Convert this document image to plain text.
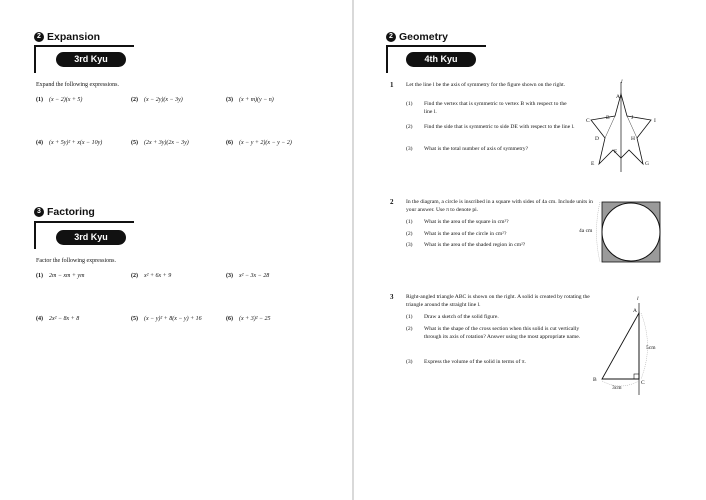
2 Expansion
3rd Kyu
Expand the following expressions.
(1) (x − 2)(x + 5)	(2) (x − 2y)(x − 3y)	(3) (x + m)(y − n)
(4) (x + 5y)² + x(x − 10y)	(5) (2x + 3y)(2x − 3y)	(6) (x − y + 2)(x − y − 2)
3 Factoring
3rd Kyu
Factor the following expressions.
(1) 2m − xm + ym	(2) x² + 6x + 9	(3) x² − 3x − 28
(4) 2x² − 8x + 8	(5) (x − y)² + 8(x − y) + 16	(6) (x + 3)² − 25
2 Geometry
4th Kyu
1 Let the line l be the axis of symmetry for the figure shown on the right.
(1) Find the vertex that is symmetric to vertex B with respect to the line l.
(2) Find the side that is symmetric to side DE with respect to the line l.
(3) What is the total number of axis of symmetry?
l
A
B
C
D
E
F
G
H
I
J
2 In the diagram, a circle is inscribed in a square with sides of 4a cm. Include units in your answer. Use π to denote pi.
(1) What is the area of the square in cm²?
(2) What is the area of the circle in cm²?
(3) What is the area of the shaded region in cm²?
4a cm
3 Right-angled triangle ABC is shown on the right. A solid is created by rotating the triangle around the straight line l.
(1) Draw a sketch of the solid figure.
(2) What is the shape of the cross section when this solid is cut vertically through its axis of rotation? Answer using the most appropriate name.
(3) Express the volume of the solid in terms of π.
l
A
B	C
5cm
3cm
